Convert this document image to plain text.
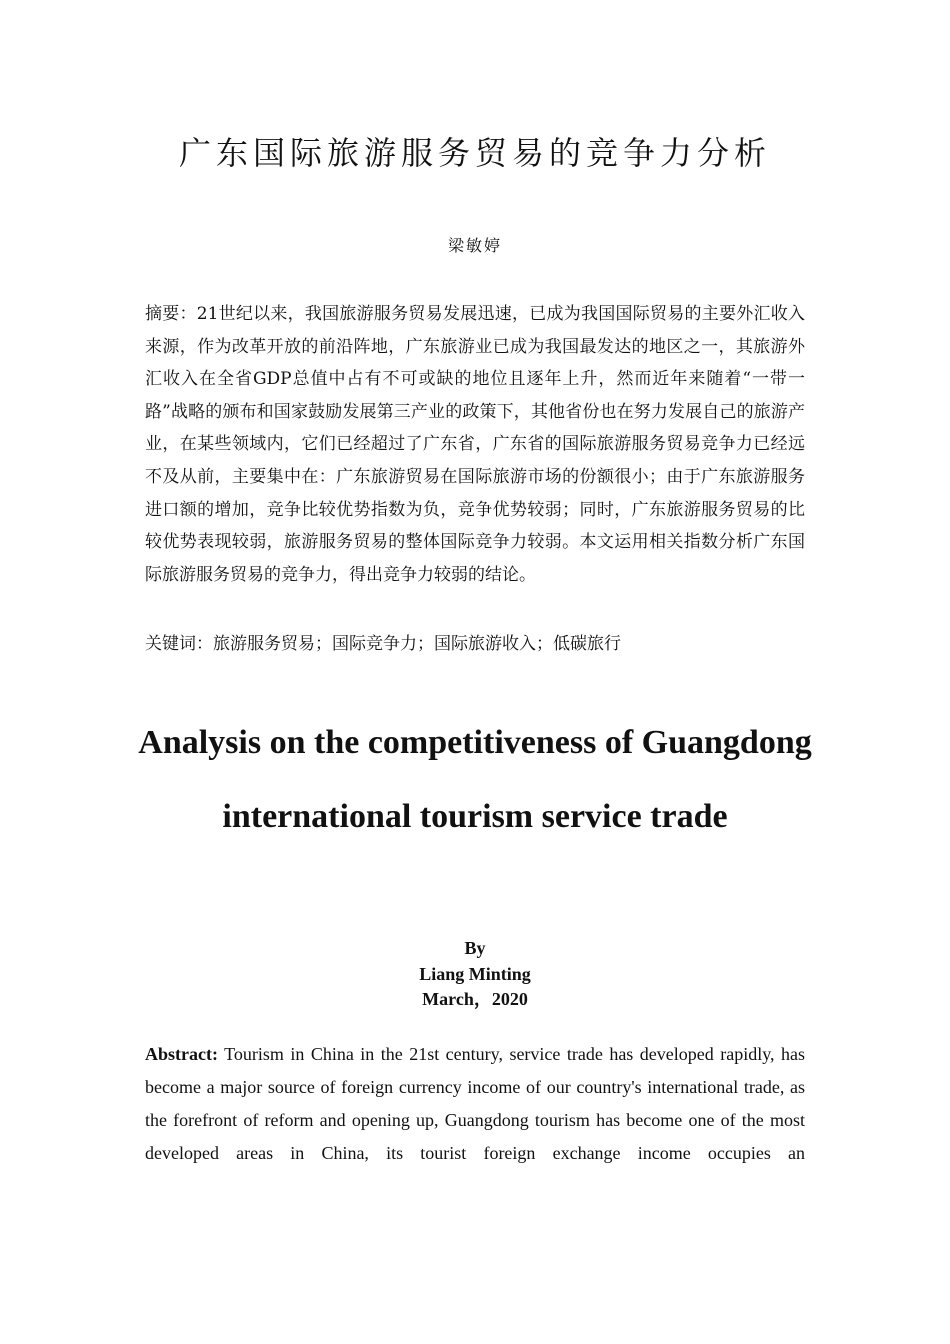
广东国际旅游服务贸易的竞争力分析
梁敏婷

摘要：21世纪以来，我国旅游服务贸易发展迅速，已成为我国国际贸易的主要外汇收入来源，作为改革开放的前沿阵地，广东旅游业已成为我国最发达的地区之一，其旅游外汇收入在全省GDP总值中占有不可或缺的地位且逐年上升，然而近年来随着“一带一路”战略的颁布和国家鼓励发展第三产业的政策下，其他省份也在努力发展自己的旅游产业，在某些领域内，它们已经超过了广东省，广东省的国际旅游服务贸易竞争力已经远不及从前，主要集中在：广东旅游贸易在国际旅游市场的份额很小；由于广东旅游服务进口额的增加，竞争比较优势指数为负，竞争优势较弱；同时，广东旅游服务贸易的比较优势表现较弱，旅游服务贸易的整体国际竞争力较弱。本文运用相关指数分析广东国际旅游服务贸易的竞争力，得出竞争力较弱的结论。

关键词：旅游服务贸易；国际竞争力；国际旅游收入；低碳旅行

Analysis on the competitiveness of Guangdong international tourism service trade
By
Liang Minting
March，2020

Abstract: Tourism in China in the 21st century, service trade has developed rapidly, has become a major source of foreign currency income of our country's international trade, as the forefront of reform and opening up, Guangdong tourism has become one of the most developed areas in China, its tourist foreign exchange income occupies an
